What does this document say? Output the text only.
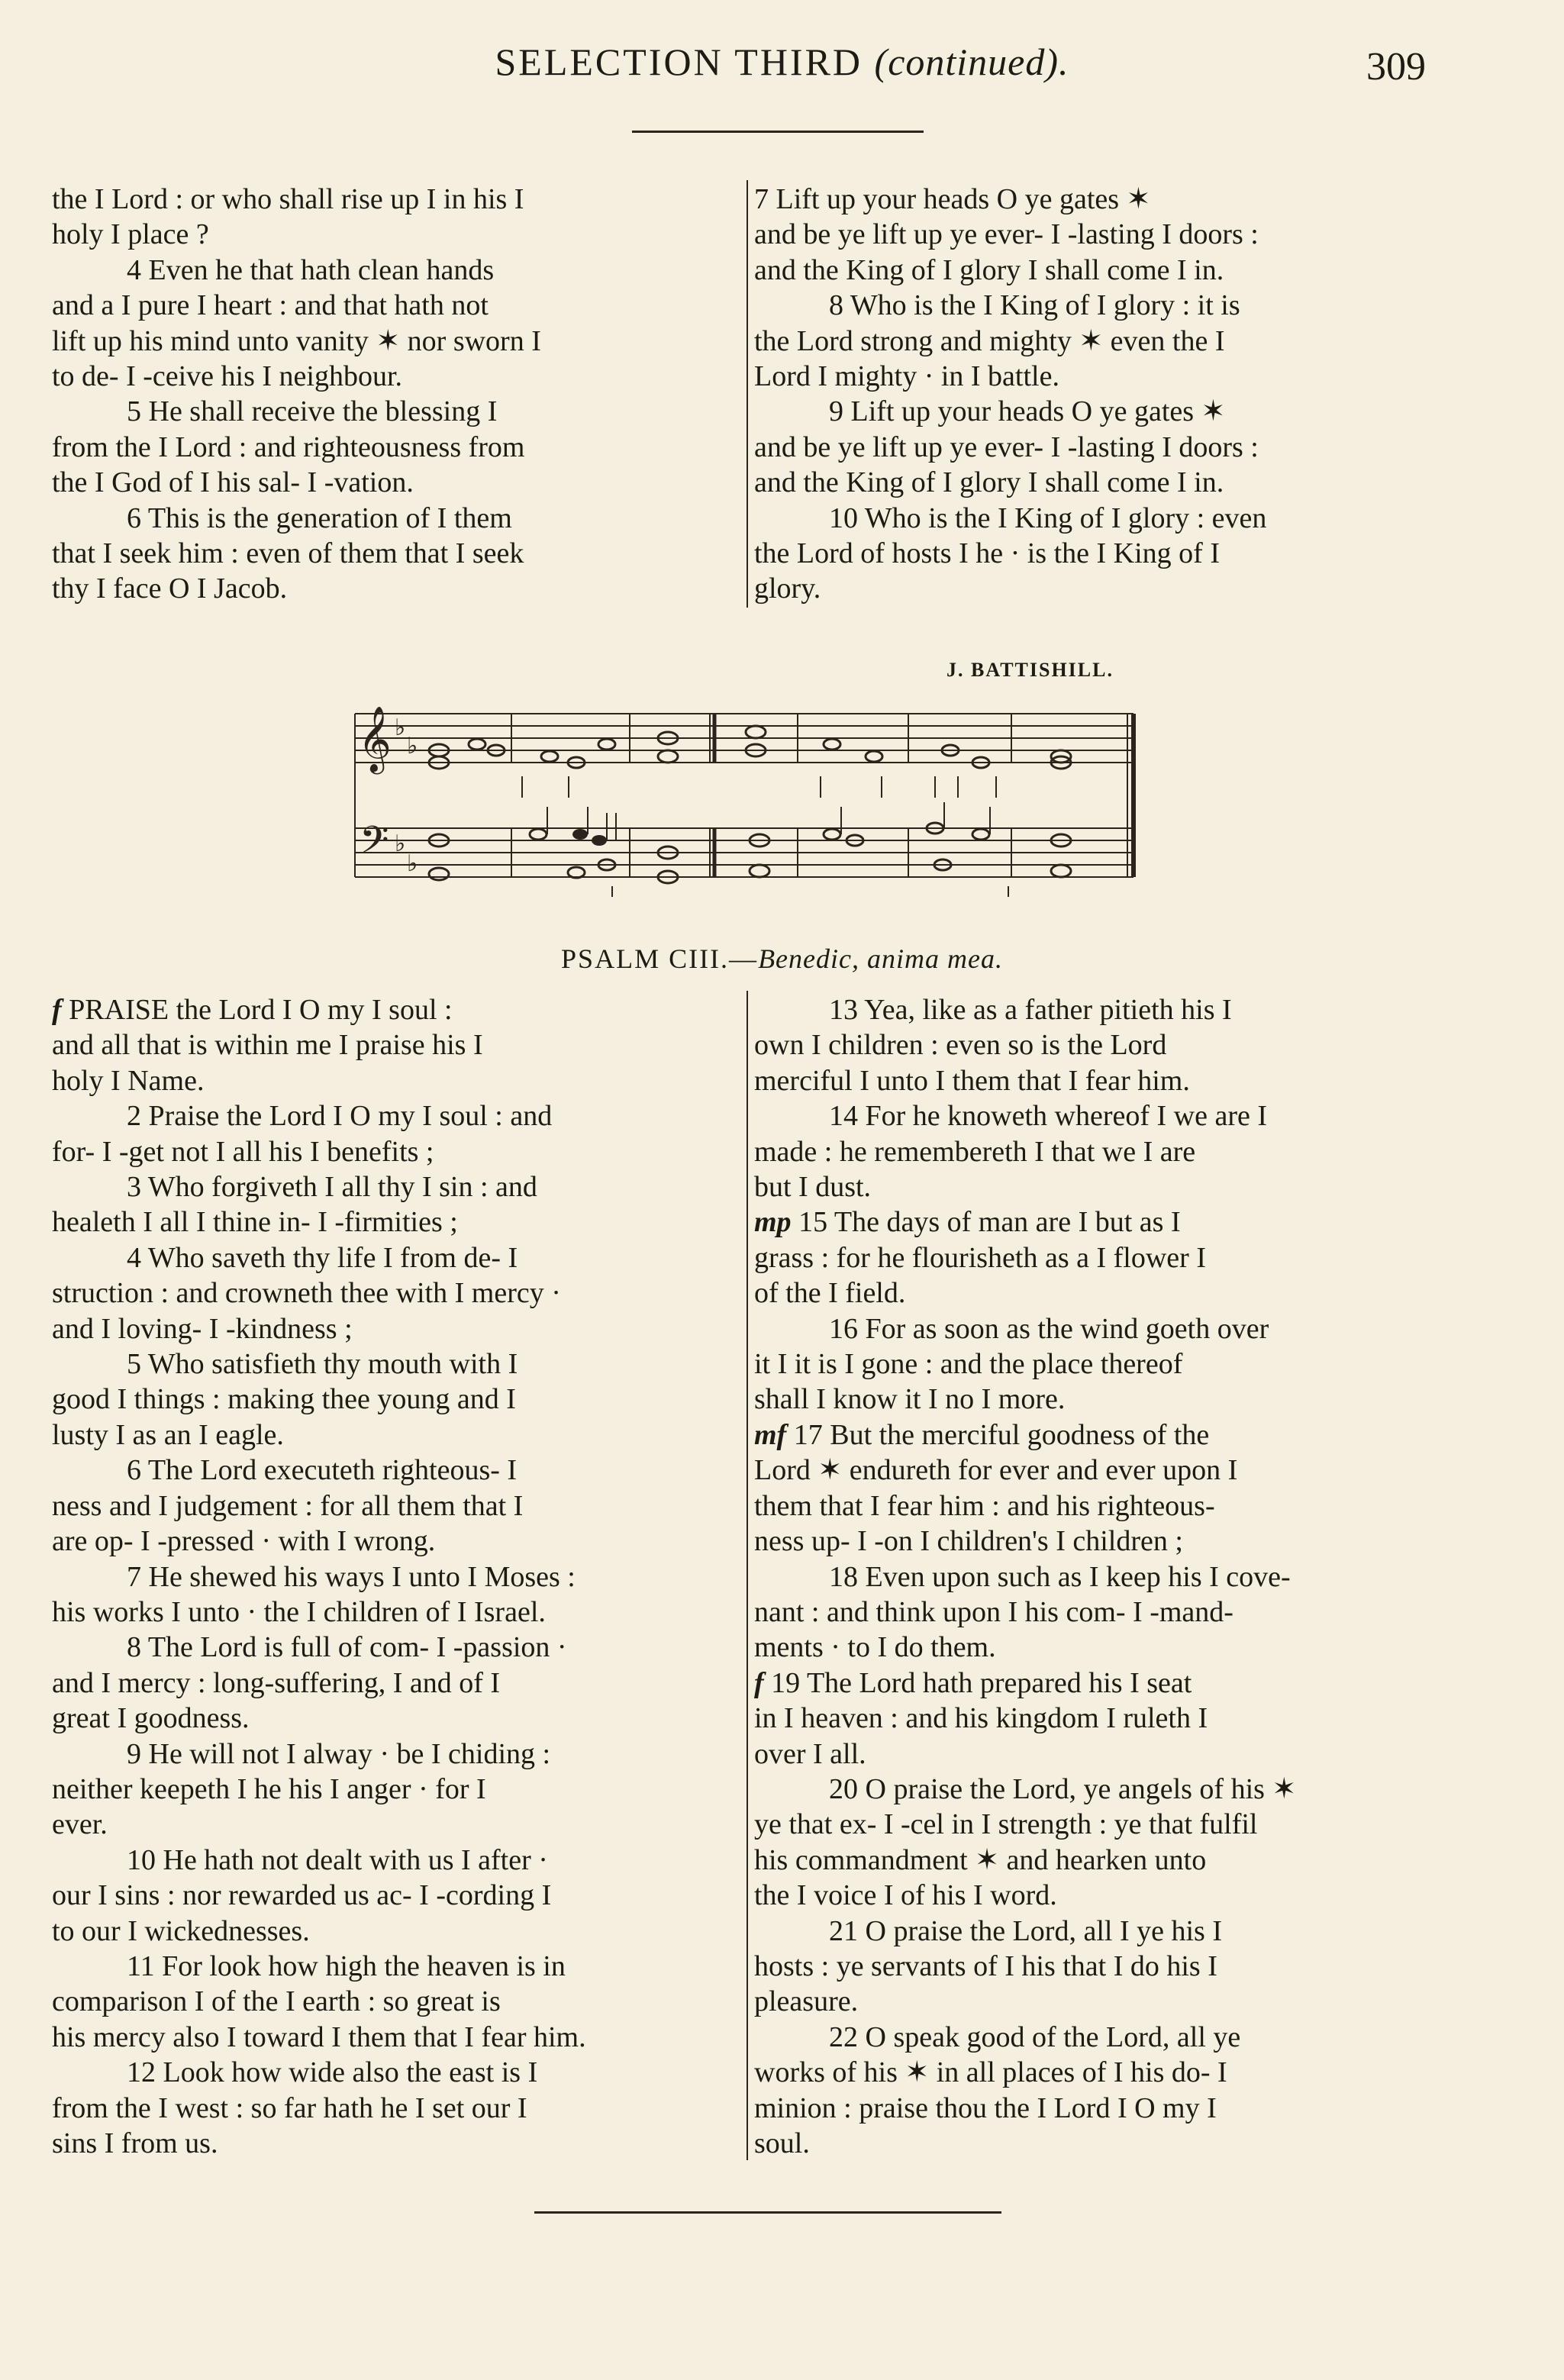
SELECTION THIRD (continued).	309

the I Lord : or who shall rise up I in his I

holy I place ?

4 Even he that hath clean hands

and a I pure I heart : and that hath not

lift up his mind unto vanity ✶ nor sworn I

to de- I -ceive his I neighbour.

5 He shall receive the blessing I

from the I Lord : and righteousness from

the I God of I his sal- I -vation.

6 This is the generation of I them

that I seek him : even of them that I seek

thy I face O I Jacob.

7 Lift up your heads O ye gates ✶

and be ye lift up ye ever- I -lasting I doors :

and the King of I glory I shall come I in.

8 Who is the I King of I glory : it is

the Lord strong and mighty ✶ even the I

Lord I mighty · in I battle.

9 Lift up your heads O ye gates ✶

and be ye lift up ye ever- I -lasting I doors :

and the King of I glory I shall come I in.

10 Who is the I King of I glory : even

the Lord of hosts I he · is the I King of I

glory.

J. BATTISHILL.
𝄞
𝄢
♭
♭
♭
♭
PSALM CIII.—Benedic, anima mea.

f PRAISE the Lord I O my I soul :

and all that is within me I praise his I

holy I Name.

2 Praise the Lord I O my I soul : and

for- I -get not I all his I benefits ;

3 Who forgiveth I all thy I sin : and

healeth I all I thine in- I -firmities ;

4 Who saveth thy life I from de- I

struction : and crowneth thee with I mercy ·

and I loving- I -kindness ;

5 Who satisfieth thy mouth with I

good I things : making thee young and I

lusty I as an I eagle.

6 The Lord executeth righteous- I

ness and I judgement : for all them that I

are op- I -pressed · with I wrong.

7 He shewed his ways I unto I Moses :

his works I unto · the I children of I Israel.

8 The Lord is full of com- I -passion ·

and I mercy : long-suffering, I and of I

great I goodness.

9 He will not I alway · be I chiding :

neither keepeth I he his I anger · for I

ever.

10 He hath not dealt with us I after ·

our I sins : nor rewarded us ac- I -cording I

to our I wickednesses.

11 For look how high the heaven is in

comparison I of the I earth : so great is

his mercy also I toward I them that I fear him.

12 Look how wide also the east is I

from the I west : so far hath he I set our I

sins I from us.

13 Yea, like as a father pitieth his I

own I children : even so is the Lord

merciful I unto I them that I fear him.

14 For he knoweth whereof I we are I

made : he remembereth I that we I are

but I dust.

mp 15 The days of man are I but as I

grass : for he flourisheth as a I flower I

of the I field.

16 For as soon as the wind goeth over

it I it is I gone : and the place thereof

shall I know it I no I more.

mf 17 But the merciful goodness of the

Lord ✶ endureth for ever and ever upon I

them that I fear him : and his righteous-

ness up- I -on I children's I children ;

18 Even upon such as I keep his I cove-

nant : and think upon I his com- I -mand-

ments · to I do them.

f 19 The Lord hath prepared his I seat

in I heaven : and his kingdom I ruleth I

over I all.

20 O praise the Lord, ye angels of his ✶

ye that ex- I -cel in I strength : ye that fulfil

his commandment ✶ and hearken unto

the I voice I of his I word.

21 O praise the Lord, all I ye his I

hosts : ye servants of I his that I do his I

pleasure.

22 O speak good of the Lord, all ye

works of his ✶ in all places of I his do- I

minion : praise thou the I Lord I O my I

soul.
